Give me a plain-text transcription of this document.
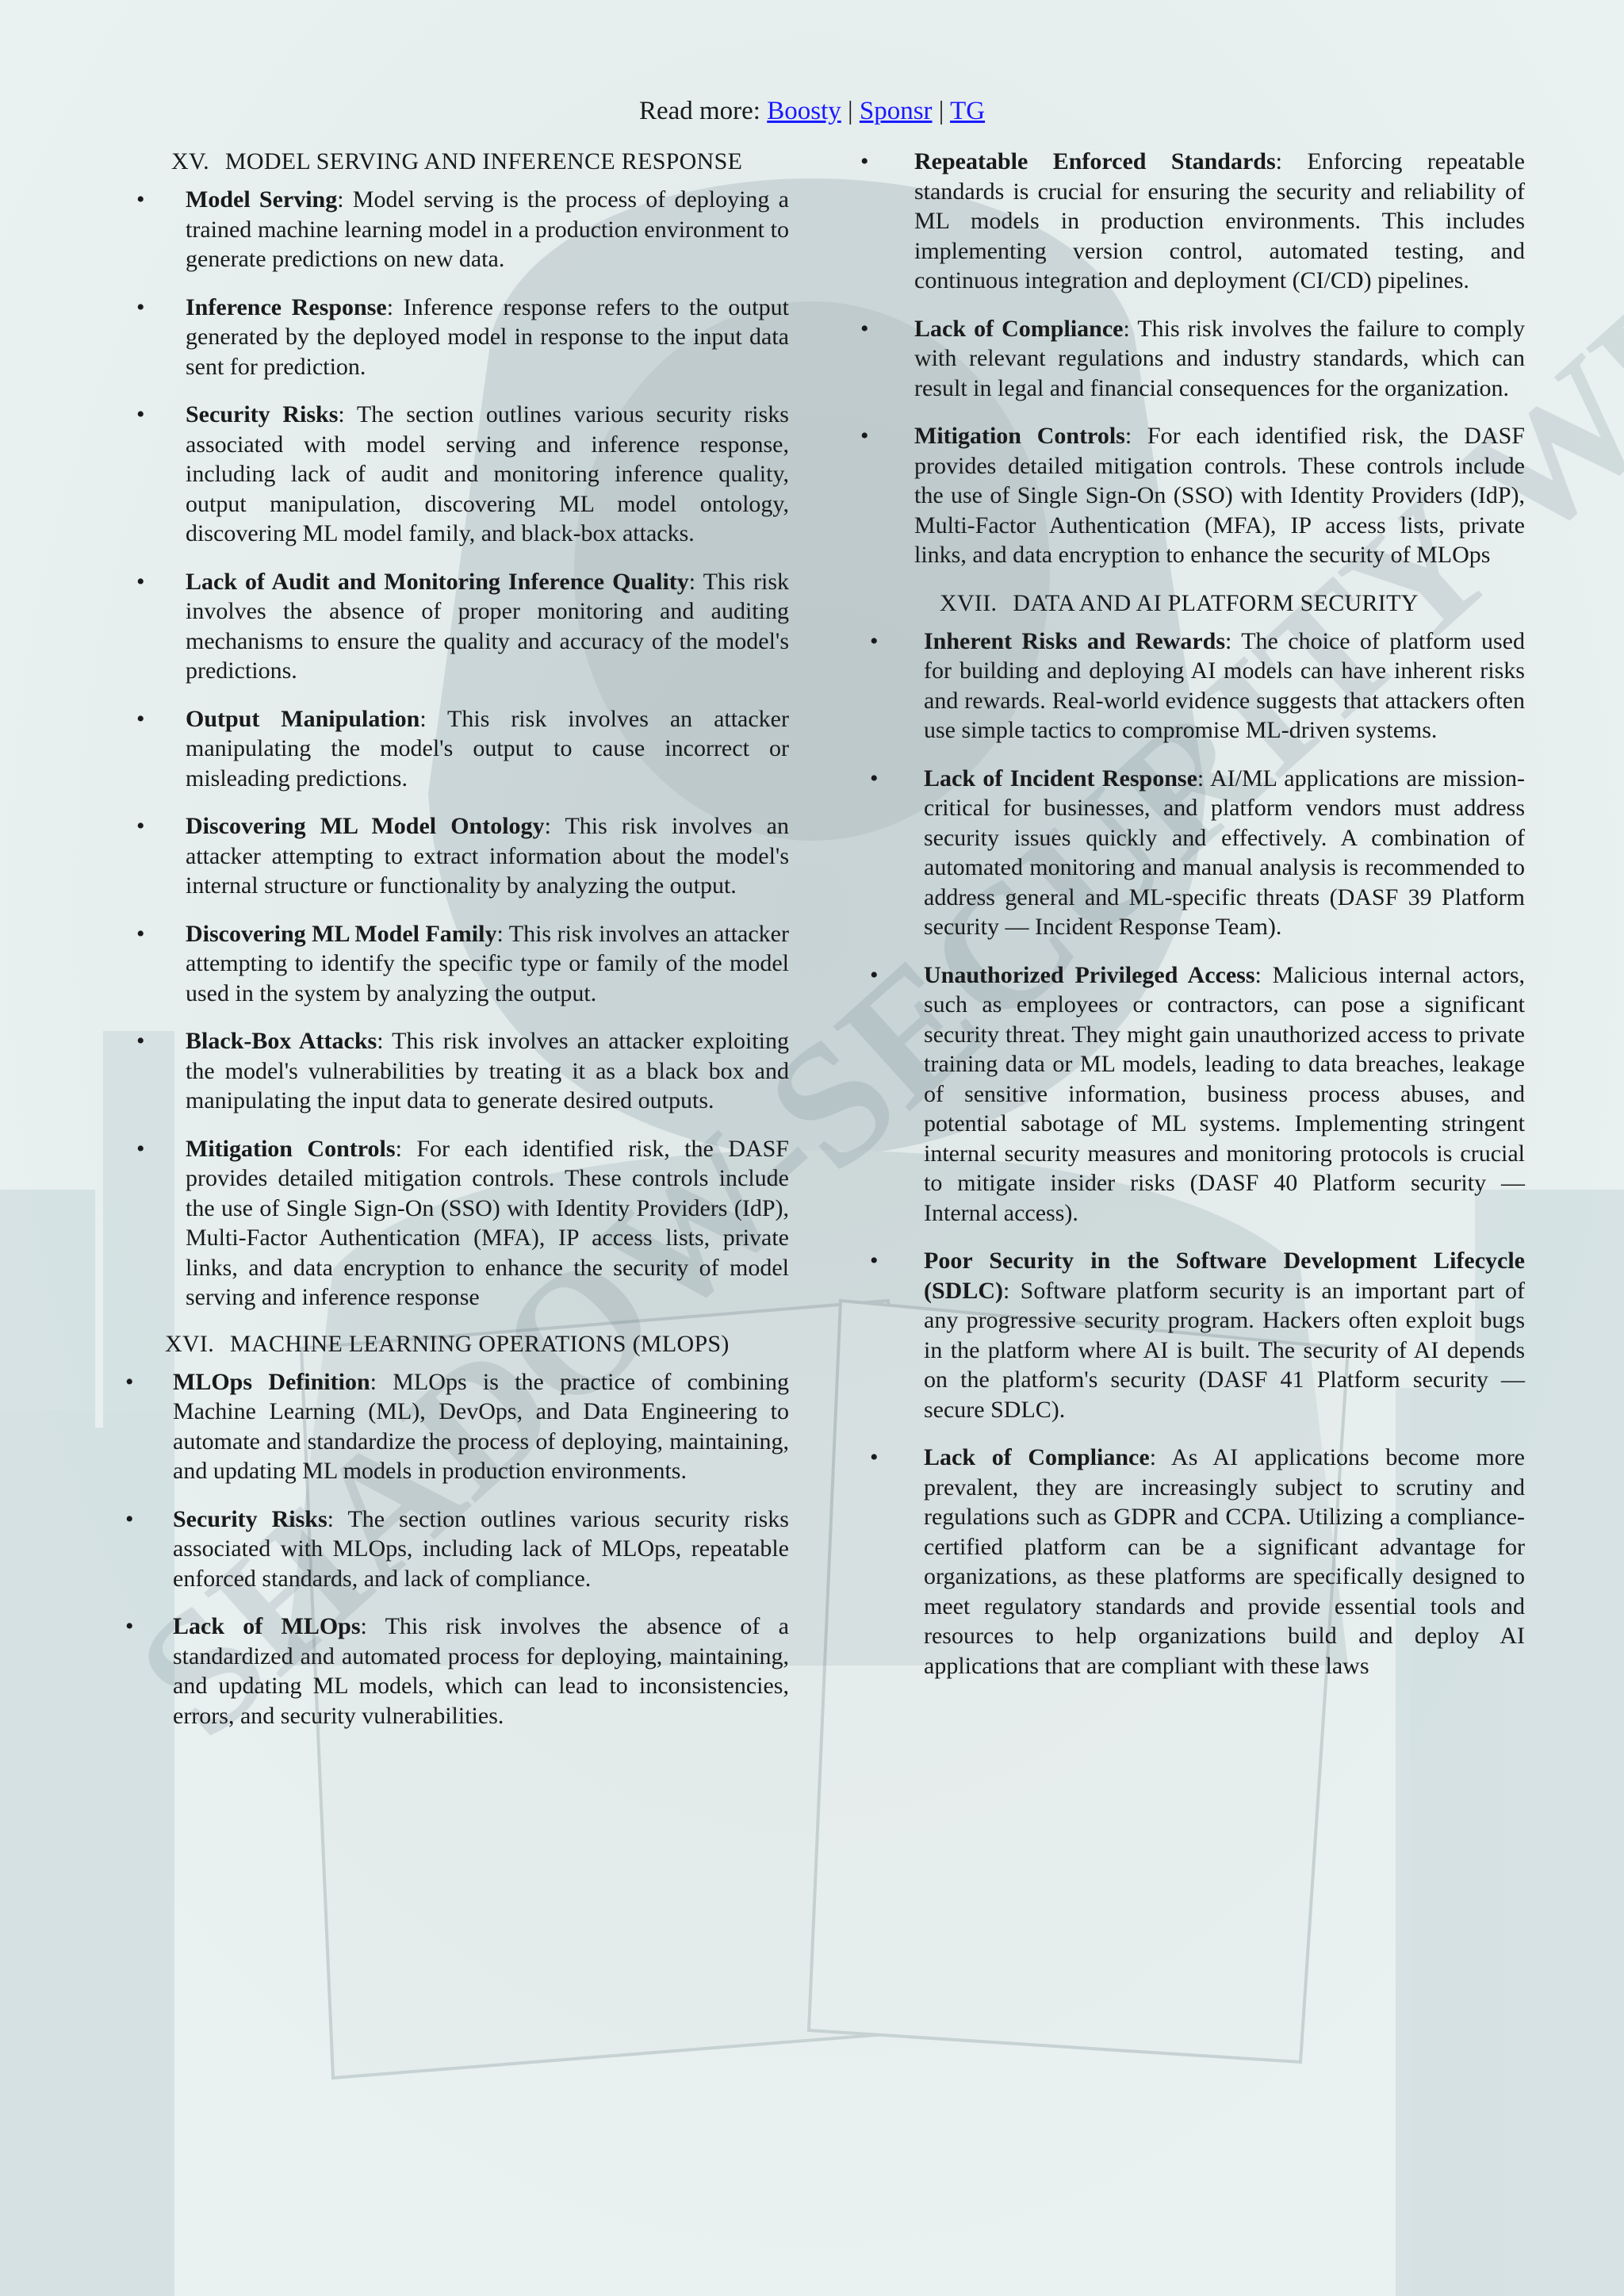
SHADOW-SECURITY
Read more: Boosty | Sponsr | TG
XV. MODEL SERVING AND INFERENCE RESPONSE
• Model Serving: Model serving is the process of deploying a trained machine learning model in a production environment to generate predictions on new data.
• Inference Response: Inference response refers to the output generated by the deployed model in response to the input data sent for prediction.
• Security Risks: The section outlines various security risks associated with model serving and inference response, including lack of audit and monitoring inference quality, output manipulation, discovering ML model ontology, discovering ML model family, and black-box attacks.
• Lack of Audit and Monitoring Inference Quality: This risk involves the absence of proper monitoring and auditing mechanisms to ensure the quality and accuracy of the model's predictions.
• Output Manipulation: This risk involves an attacker manipulating the model's output to cause incorrect or misleading predictions.
• Discovering ML Model Ontology: This risk involves an attacker attempting to extract information about the model's internal structure or functionality by analyzing the output.
• Discovering ML Model Family: This risk involves an attacker attempting to identify the specific type or family of the model used in the system by analyzing the output.
• Black-Box Attacks: This risk involves an attacker exploiting the model's vulnerabilities by treating it as a black box and manipulating the input data to generate desired outputs.
• Mitigation Controls: For each identified risk, the DASF provides detailed mitigation controls. These controls include the use of Single Sign-On (SSO) with Identity Providers (IdP), Multi-Factor Authentication (MFA), IP access lists, private links, and data encryption to enhance the security of model serving and inference response
XVI. MACHINE LEARNING OPERATIONS (MLOPS)
• MLOps Definition: MLOps is the practice of combining Machine Learning (ML), DevOps, and Data Engineering to automate and standardize the process of deploying, maintaining, and updating ML models in production environments.
• Security Risks: The section outlines various security risks associated with MLOps, including lack of MLOps, repeatable enforced standards, and lack of compliance.
• Lack of MLOps: This risk involves the absence of a standardized and automated process for deploying, maintaining, and updating ML models, which can lead to inconsistencies, errors, and security vulnerabilities.
• Repeatable Enforced Standards: Enforcing repeatable standards is crucial for ensuring the security and reliability of ML models in production environments. This includes implementing version control, automated testing, and continuous integration and deployment (CI/CD) pipelines.
• Lack of Compliance: This risk involves the failure to comply with relevant regulations and industry standards, which can result in legal and financial consequences for the organization.
• Mitigation Controls: For each identified risk, the DASF provides detailed mitigation controls. These controls include the use of Single Sign-On (SSO) with Identity Providers (IdP), Multi-Factor Authentication (MFA), IP access lists, private links, and data encryption to enhance the security of MLOps
XVII. DATA AND AI PLATFORM SECURITY
• Inherent Risks and Rewards: The choice of platform used for building and deploying AI models can have inherent risks and rewards. Real-world evidence suggests that attackers often use simple tactics to compromise ML-driven systems.
• Lack of Incident Response: AI/ML applications are mission-critical for businesses, and platform vendors must address security issues quickly and effectively. A combination of automated monitoring and manual analysis is recommended to address general and ML-specific threats (DASF 39 Platform security — Incident Response Team).
• Unauthorized Privileged Access: Malicious internal actors, such as employees or contractors, can pose a significant security threat. They might gain unauthorized access to private training data or ML models, leading to data breaches, leakage of sensitive information, business process abuses, and potential sabotage of ML systems. Implementing stringent internal security measures and monitoring protocols is crucial to mitigate insider risks (DASF 40 Platform security — Internal access).
• Poor Security in the Software Development Lifecycle (SDLC): Software platform security is an important part of any progressive security program. Hackers often exploit bugs in the platform where AI is built. The security of AI depends on the platform's security (DASF 41 Platform security — secure SDLC).
• Lack of Compliance: As AI applications become more prevalent, they are increasingly subject to scrutiny and regulations such as GDPR and CCPA. Utilizing a compliance-certified platform can be a significant advantage for organizations, as these platforms are specifically designed to meet regulatory standards and provide essential tools and resources to help organizations build and deploy AI applications that are compliant with these laws
